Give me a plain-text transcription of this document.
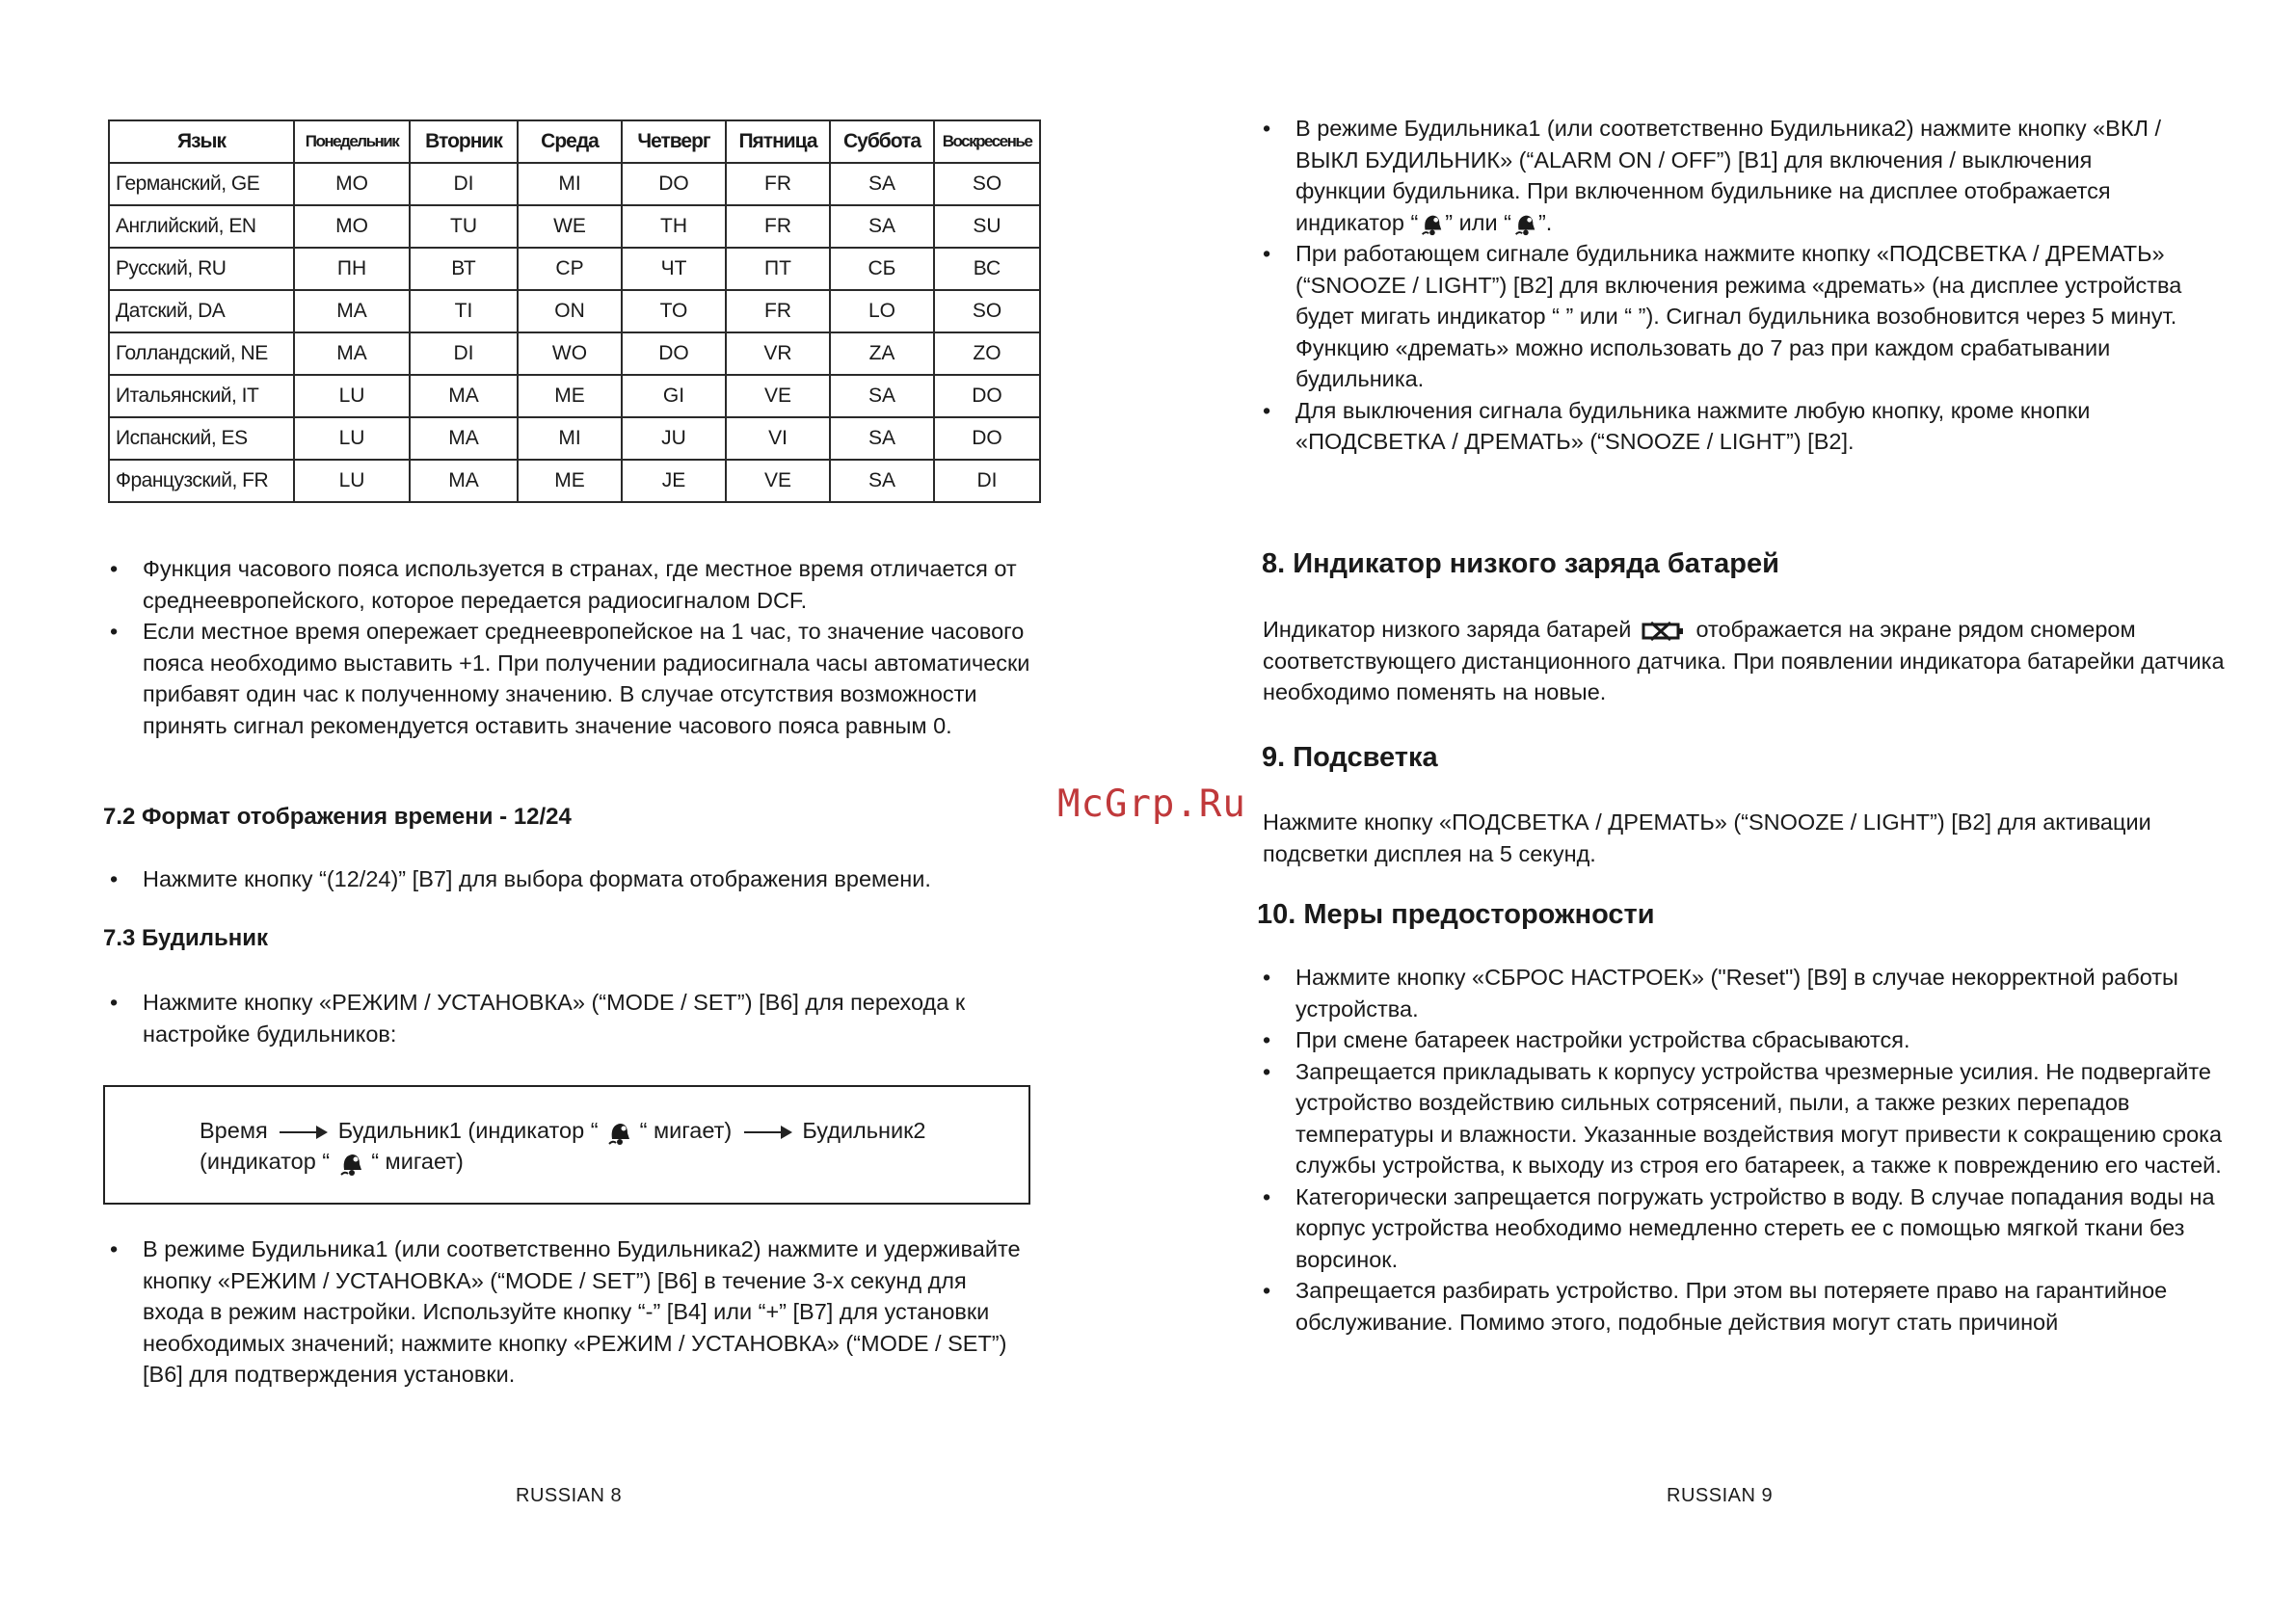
Язык	Понедельник	Вторник	Среда	Четверг	Пятница	Суббота	Воскресенье
Германский, GE	MO	DI	MI	DO	FR	SA	SO
Английский, EN	MO	TU	WE	TH	FR	SA	SU
Русский, RU	ПН	ВТ	СР	ЧТ	ПТ	СБ	ВС
Датский, DA	MA	TI	ON	TO	FR	LO	SO
Голландский, NE	MA	DI	WO	DO	VR	ZA	ZO
Итальянский, IT	LU	MA	ME	GI	VE	SA	DO
Испанский, ES	LU	MA	MI	JU	VI	SA	DO
Французский, FR	LU	MA	ME	JE	VE	SA	DI
• Функция часового пояса используется в странах, где местное время отличается от среднеевропейского, которое передается радиосигналом DCF.
• Если местное время опережает среднеевропейское на 1 час, то значение часового пояса необходимо выставить +1. При получении радиосигнала часы автоматически прибавят один час к полученному значению. В случае отсутствия возможности принять сигнал рекомендуется оставить значение часового пояса равным 0.
7.2 Формат отображения времени - 12/24
• Нажмите кнопку “(12/24)” [B7] для выбора формата отображения времени.
7.3 Будильник
• Нажмите кнопку «РЕЖИМ / УСТАНОВКА» (“MODE / SET”) [B6] для перехода к настройке будильников:
Время	Будильник1 (индикатор “ “ мигает)	Будильник2
(индикатор “ “ мигает)
• В режиме Будильника1 (или соответственно Будильника2) нажмите и удерживайте кнопку «РЕЖИМ / УСТАНОВКА» (“MODE / SET”) [B6] в течение 3-х секунд для входа в режим настройки. Используйте кнопку “-” [B4] или “+” [B7] для установки необходимых значений; нажмите кнопку «РЕЖИМ / УСТАНОВКА» (“MODE / SET”) [B6] для подтверждения установки.
RUSSIAN 8
• В режиме Будильника1 (или соответственно Будильника2) нажмите кнопку «ВКЛ / ВЫКЛ БУДИЛЬНИК» (“ALARM ON / OFF”) [B1] для включения / выключения функции будильника. При включенном будильнике на дисплее отображается индикатор “ ” или “ ”.
• При работающем сигнале будильника нажмите кнопку «ПОДСВЕТКА / ДРЕМАТЬ» (“SNOOZE / LIGHT”) [B2] для включения режима «дремать» (на дисплее устройства будет мигать индикатор “ ” или “ ”). Сигнал будильника возобновится через 5 минут. Функцию «дремать» можно использовать до 7 раз при каждом срабатывании будильника.
• Для выключения сигнала будильника нажмите любую кнопку, кроме кнопки «ПОДСВЕТКА / ДРЕМАТЬ» (“SNOOZE / LIGHT”) [B2].
8. Индикатор низкого заряда батарей

Индикатор низкого заряда батарей	отображается на экране рядом сномером соответствующего дистанционного датчика. При появлении индикатора батарейки датчика необходимо поменять на новые.

9. Подсветка

Нажмите кнопку «ПОДСВЕТКА / ДРЕМАТЬ» (“SNOOZE / LIGHT”) [B2] для активации подсветки дисплея на 5 секунд.

10. Меры предосторожности
• Нажмите кнопку «СБРОС НАСТРОЕК» ("Reset") [B9] в случае некорректной работы устройства.
• При смене батареек настройки устройства сбрасываются.
• Запрещается прикладывать к корпусу устройства чрезмерные усилия. Не подвергайте устройство воздействию сильных сотрясений, пыли, а также резких перепадов температуры и влажности. Указанные воздействия могут привести к сокращению срока службы устройства, к выходу из строя его батареек, а также к повреждению его частей.
• Категорически запрещается погружать устройство в воду. В случае попадания воды на корпус устройства необходимо немедленно стереть ее с помощью мягкой ткани без ворсинок.
• Запрещается разбирать устройство. При этом вы потеряете право на гарантийное обслуживание. Помимо этого, подобные действия могут стать причиной
RUSSIAN 9
McGrp.Ru
